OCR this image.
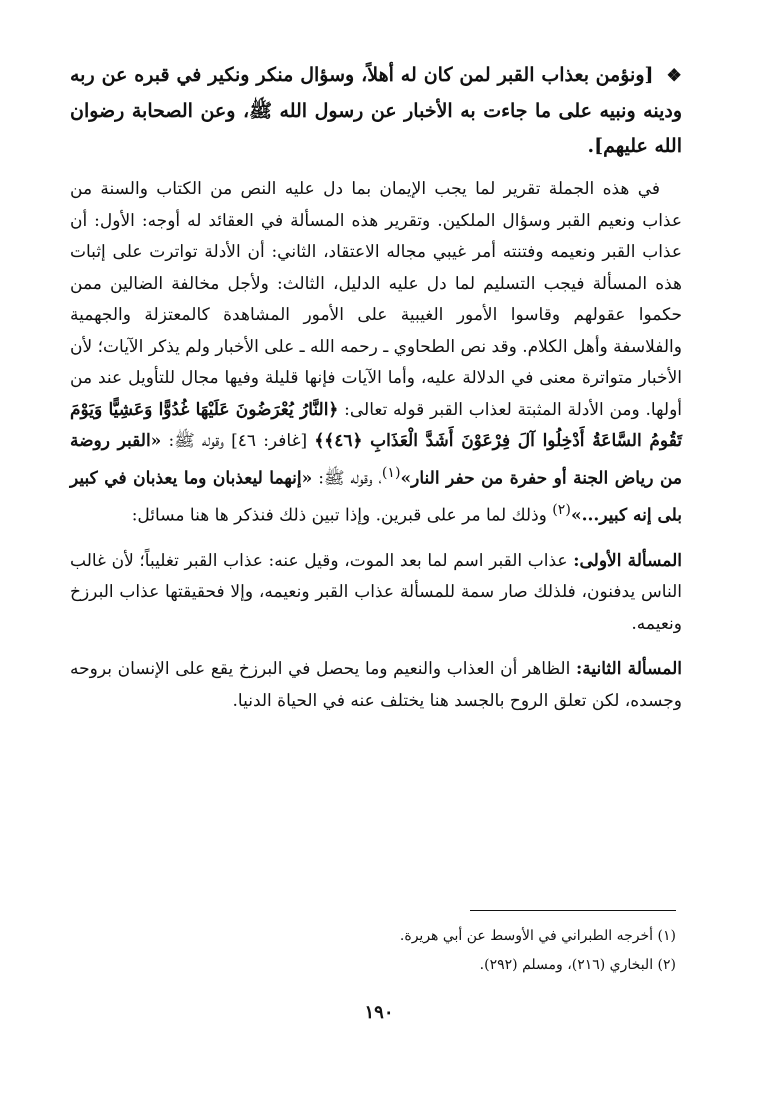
❖ [ونؤمن بعذاب القبر لمن كان له أهلاً، وسؤال منكر ونكير في قبره عن ربه ودينه ونبيه على ما جاءت به الأخبار عن رسول الله ﷺ، وعن الصحابة رضوان الله عليهم].

في هذه الجملة تقرير لما يجب الإيمان بما دل عليه النص من الكتاب والسنة من عذاب ونعيم القبر وسؤال الملكين. وتقرير هذه المسألة في العقائد له أوجه: الأول: أن عذاب القبر ونعيمه وفتنته أمر غيبي مجاله الاعتقاد، الثاني: أن الأدلة تواترت على إثبات هذه المسألة فيجب التسليم لما دل عليه الدليل، الثالث: ولأجل مخالفة الضالين ممن حكموا عقولهم وقاسوا الأمور الغيبية على الأمور المشاهدة كالمعتزلة والجهمية والفلاسفة وأهل الكلام. وقد نص الطحاوي ـ رحمه الله ـ على الأخبار ولم يذكر الآيات؛ لأن الأخبار متواترة معنى في الدلالة عليه، وأما الآيات فإنها قليلة وفيها مجال للتأويل عند من أولها. ومن الأدلة المثبتة لعذاب القبر قوله تعالى: ﴿النَّارُ يُعْرَضُونَ عَلَيْهَا غُدُوًّا وَعَشِيًّا وَيَوْمَ تَقُومُ السَّاعَةُ أَدْخِلُوا آلَ فِرْعَوْنَ أَشَدَّ الْعَذَابِ ﴿٤٦﴾﴾ [غافر: ٤٦] وقوله ﷺ: «القبر روضة من رياض الجنة أو حفرة من حفر النار»$^{(١)}$، وقوله ﷺ: «إنهما ليعذبان وما يعذبان في كبير بلى إنه كبير...»$^{(٢)}$ وذلك لما مر على قبرين. وإذا تبين ذلك فنذكر ها هنا مسائل:

المسألة الأولى: عذاب القبر اسم لما بعد الموت، وقيل عنه: عذاب القبر تغليباً؛ لأن غالب الناس يدفنون، فلذلك صار سمة للمسألة عذاب القبر ونعيمه، وإلا فحقيقتها عذاب البرزخ ونعيمه.

المسألة الثانية: الظاهر أن العذاب والنعيم وما يحصل في البرزخ يقع على الإنسان بروحه وجسده، لكن تعلق الروح بالجسد هنا يختلف عنه في الحياة الدنيا.

(١) أخرجه الطبراني في الأوسط عن أبي هريرة.

(٢) البخاري (٢١٦)، ومسلم (٢٩٢).

١٩٠
